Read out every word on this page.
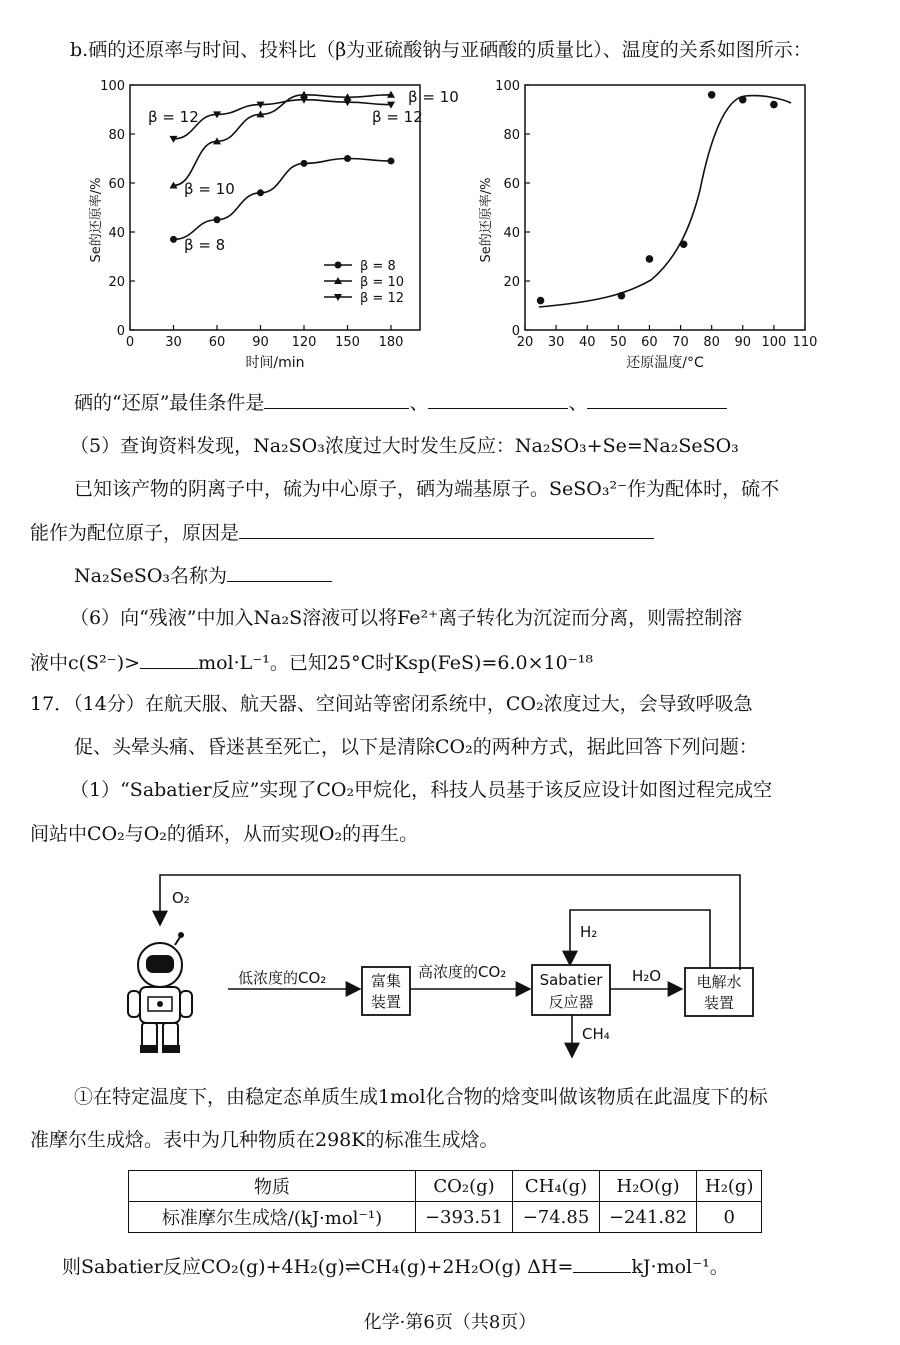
b.硒的还原率与时间、投料比（β为亚硫酸钠与亚硒酸的质量比）、温度的关系如图所示：
0 30 60 90 120 150 180
0
20
40
60
80
100
Se的还原率/%
时间/min
β = 12
β = 10
β = 8
β = 10
β = 12
β = 8
β = 10
β = 12
20 30 40 50 60 70 80 90 100 110
0
20
40
60
80
100
Se的还原率/%
还原温度/°C
硒的“还原”最佳条件是	、	、
（5）查询资料发现，Na₂SO₃浓度过大时发生反应：Na₂SO₃+Se=Na₂SeSO₃
已知该产物的阴离子中，硫为中心原子，硒为端基原子。SeSO₃²⁻作为配体时，硫不
能作为配位原子，原因是
Na₂SeSO₃名称为
（6）向“残液”中加入Na₂S溶液可以将Fe²⁺离子转化为沉淀而分离，则需控制溶
液中c(S²⁻)>	mol·L⁻¹。已知25°C时Ksp(FeS)=6.0×10⁻¹⁸
17．（14分）在航天服、航天器、空间站等密闭系统中，CO₂浓度过大，会导致呼吸急
促、头晕头痛、昏迷甚至死亡，以下是清除CO₂的两种方式，据此回答下列问题：
（1）“Sabatier反应”实现了CO₂甲烷化，科技人员基于该反应设计如图过程完成空
间站中CO₂与O₂的循环，从而实现O₂的再生。
O₂
H₂
低浓度的CO₂	富集
装置
高浓度的CO₂ Sabatier
反应器
H₂O 电解水
装置
CH₄
①在特定温度下，由稳定态单质生成1mol化合物的焓变叫做该物质在此温度下的标
准摩尔生成焓。表中为几种物质在298K的标准生成焓。
物质	CO₂(g)	CH₄(g)	H₂O(g)	H₂(g)
标准摩尔生成焓/(kJ·mol⁻¹)	−393.51	−74.85	−241.82	0
则Sabatier反应CO₂(g)+4H₂(g)⇌CH₄(g)+2H₂O(g) ΔH=	kJ·mol⁻¹。
化学·第6页（共8页）
